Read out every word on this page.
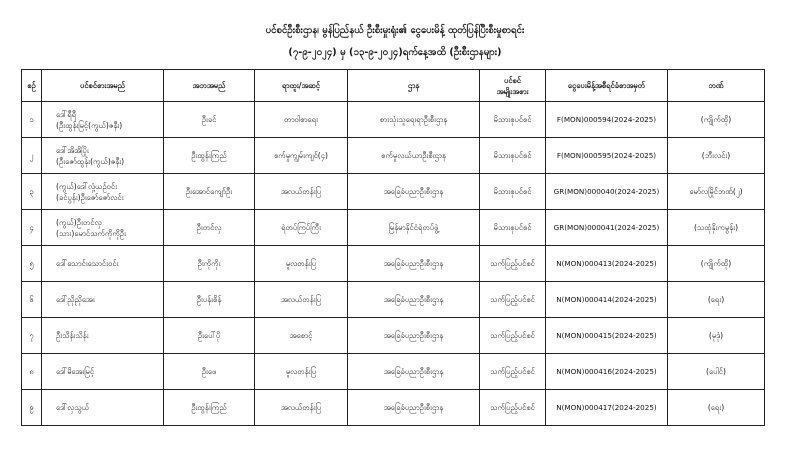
ပင်စင်ဦးစီးဌာန၊ မွန်ပြည်နယ် ဦးစီးမှုးရုံး၏ ငွေပေးမိန့် ထုတ်ပြန်ပြီးစီးမှုစာရင်း
(၇-၉-၂၀၂၄) မှ (၁၃-၉-၂၀၂၄)ရက်နေ့အထိ (ဦးစီးဌာနများ)
စဉ်	ပင်စင်စားအမည်	အဘအမည်	ရာထူး/အဆင့်	ဌာန	ပင်စင်
အမျိုးအစား	ငွေပေးမိန့်အစီရင်ခံစာအမှတ်	ဘဏ်

၁	ဒေါ်ရီရီ
(ဦးထွန်းမြင့်(ကွယ်)ဇနီး)	ဦးခင်	တာဝါစာရေး	စားသုံးသူရေးရာဦးစီးဌာန	မိသားစုပင်စင်	F(MON)000594(2024-2025)	(ကျိုက်ထို)

၂	ဒေါ်အိအိပြိုး
(ဦးဇော်ထွန်း(ကွယ်)ဇနီး)	ဦးထွန်းကြည်	စက်မှုကျွမ်းကျင်(၄)	စက်မှုလယ်ယာဦးစီးဌာန	မိသားစုပင်စင်	F(MON)000595(2024-2025)	(ဘီးလင်း)

၃	(ကွယ်)ဒေါ်လှံ့ယဉ်ဝင်း
(ခင်ပွန်း)ဦးဇော်ဇော်လင်း	ဦးအောင်ကျော်ဦး	အလယ်တန်းပြ	အခြေခံပညာဦးစီးဌာန	မိသားစုပင်စင်	GR(MON)000040(2024-2025)	မော်လမြိုင်ဘဏ်(၂)

၄	(ကွယ်)ဦးတင်လှ
(သား)မောင်သက်ကိုကိုဦး	ဦးတင်လှ	ရဲတပ်ကြပ်ကြီး	မြန်မာနိုင်ငံရဲတပ်ဖွဲ့	မိသားစုပင်စင်	GR(MON)000041(2024-2025)	(သထုံနိုးကမွန်း)

၅	ဒေါ်သောင်းသောင်းဝင်း	ဦးကိုကိုး	မူလတန်းပြ	အခြေခံပညာဦးစီးဌာန	သက်ပြည့်ပင်စင်	N(MON)000413(2024-2025)	(ကျိုက်ထို)

၆	ဒေါ်ညိုညိုအေး	ဦးပန်းစိန်	အလယ်တန်းပြ	အခြေခံပညာဦးစီးဌာန	သက်ပြည့်ပင်စင်	N(MON)000414(2024-2025)	(ရေး)

၇	ဦးသိန်းသိန်း	ဦးပေါ်ပို	အစောင့်	အခြေခံပညာဦးစီးဌာန	သက်ပြည့်ပင်စင်	N(MON)000415(2024-2025)	(မုဒုံ)

၈	ဒေါ်မိအေးမြင့်	ဦးဖေ	မူလတန်းပြ	အခြေခံပညာဦးစီးဌာန	သက်ပြည့်ပင်စင်	N(MON)000416(2024-2025)	(ပေါင်)

၉	ဒေါ်လှသွယ်	ဦးထွန်းကြည်	အလယ်တန်းပြ	အခြေခံပညာဦးစီးဌာန	သက်ပြည့်ပင်စင်	N(MON)000417(2024-2025)	(ရေး)
